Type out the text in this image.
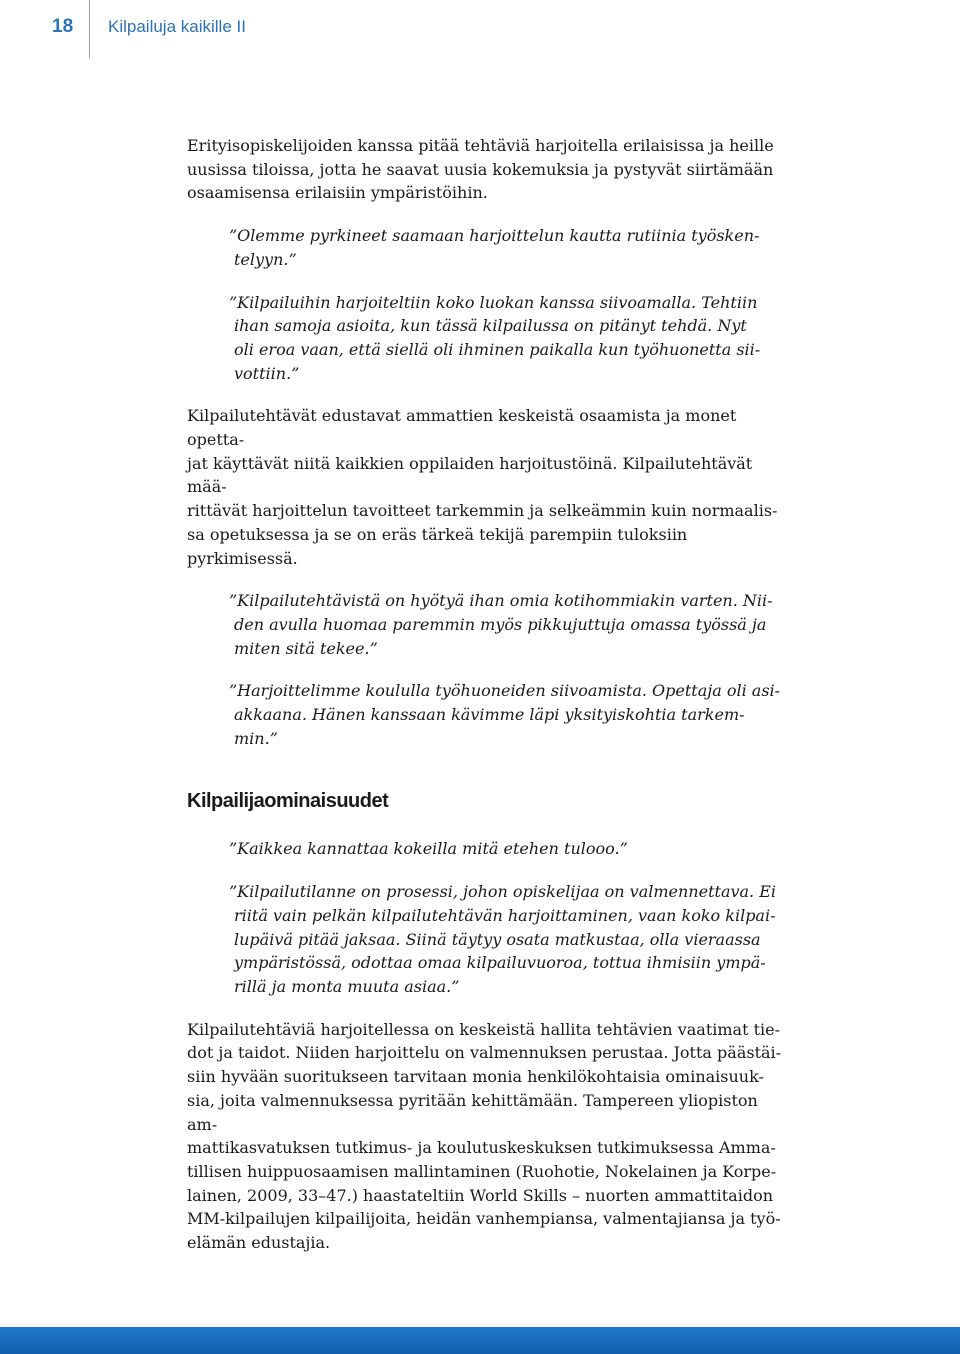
18 Kilpailuja kaikille II

Erityisopiskelijoiden kanssa pitää tehtäviä harjoitella erilaisissa ja heille
uusissa tiloissa, jotta he saavat uusia kokemuksia ja pystyvät siirtämään
osaamisensa erilaisiin ympäristöihin.

”Olemme pyrkineet saamaan harjoittelun kautta rutiinia työsken-
telyyn.”

”Kilpailuihin harjoiteltiin koko luokan kanssa siivoamalla. Tehtiin
ihan samoja asioita, kun tässä kilpailussa on pitänyt tehdä. Nyt
oli eroa vaan, että siellä oli ihminen paikalla kun työhuonetta sii-
vottiin.”

Kilpailutehtävät edustavat ammattien keskeistä osaamista ja monet opetta-
jat käyttävät niitä kaikkien oppilaiden harjoitustöinä. Kilpailutehtävät mää-
rittävät harjoittelun tavoitteet tarkemmin ja selkeämmin kuin normaalis-
sa opetuksessa ja se on eräs tärkeä tekijä parempiin tuloksiin pyrkimisessä.

”Kilpailutehtävistä on hyötyä ihan omia kotihommiakin varten. Nii-
den avulla huomaa paremmin myös pikkujuttuja omassa työssä ja
miten sitä tekee.”

”Harjoittelimme koululla työhuoneiden siivoamista. Opettaja oli asi-
akkaana. Hänen kanssaan kävimme läpi yksityiskohtia tarkem-
min.”

Kilpailijaominaisuudet

”Kaikkea kannattaa kokeilla mitä etehen tulooo.”

”Kilpailutilanne on prosessi, johon opiskelijaa on valmennettava. Ei
riitä vain pelkän kilpailutehtävän harjoittaminen, vaan koko kilpai-
lupäivä pitää jaksaa. Siinä täytyy osata matkustaa, olla vieraassa
ympäristössä, odottaa omaa kilpailuvuoroa, tottua ihmisiin ympä-
rillä ja monta muuta asiaa.”

Kilpailutehtäviä harjoitellessa on keskeistä hallita tehtävien vaatimat tie-
dot ja taidot. Niiden harjoittelu on valmennuksen perustaa. Jotta päästäi-
siin hyvään suoritukseen tarvitaan monia henkilökohtaisia ominaisuuk-
sia, joita valmennuksessa pyritään kehittämään. Tampereen yliopiston am-
mattikasvatuksen tutkimus- ja koulutuskeskuksen tutkimuksessa Amma-
tillisen huippuosaamisen mallintaminen (Ruohotie, Nokelainen ja Korpe-
lainen, 2009, 33–47.) haastateltiin World Skills – nuorten ammattitaidon
MM-kilpailujen kilpailijoita, heidän vanhempiansa, valmentajiansa ja työ-
elämän edustajia.
